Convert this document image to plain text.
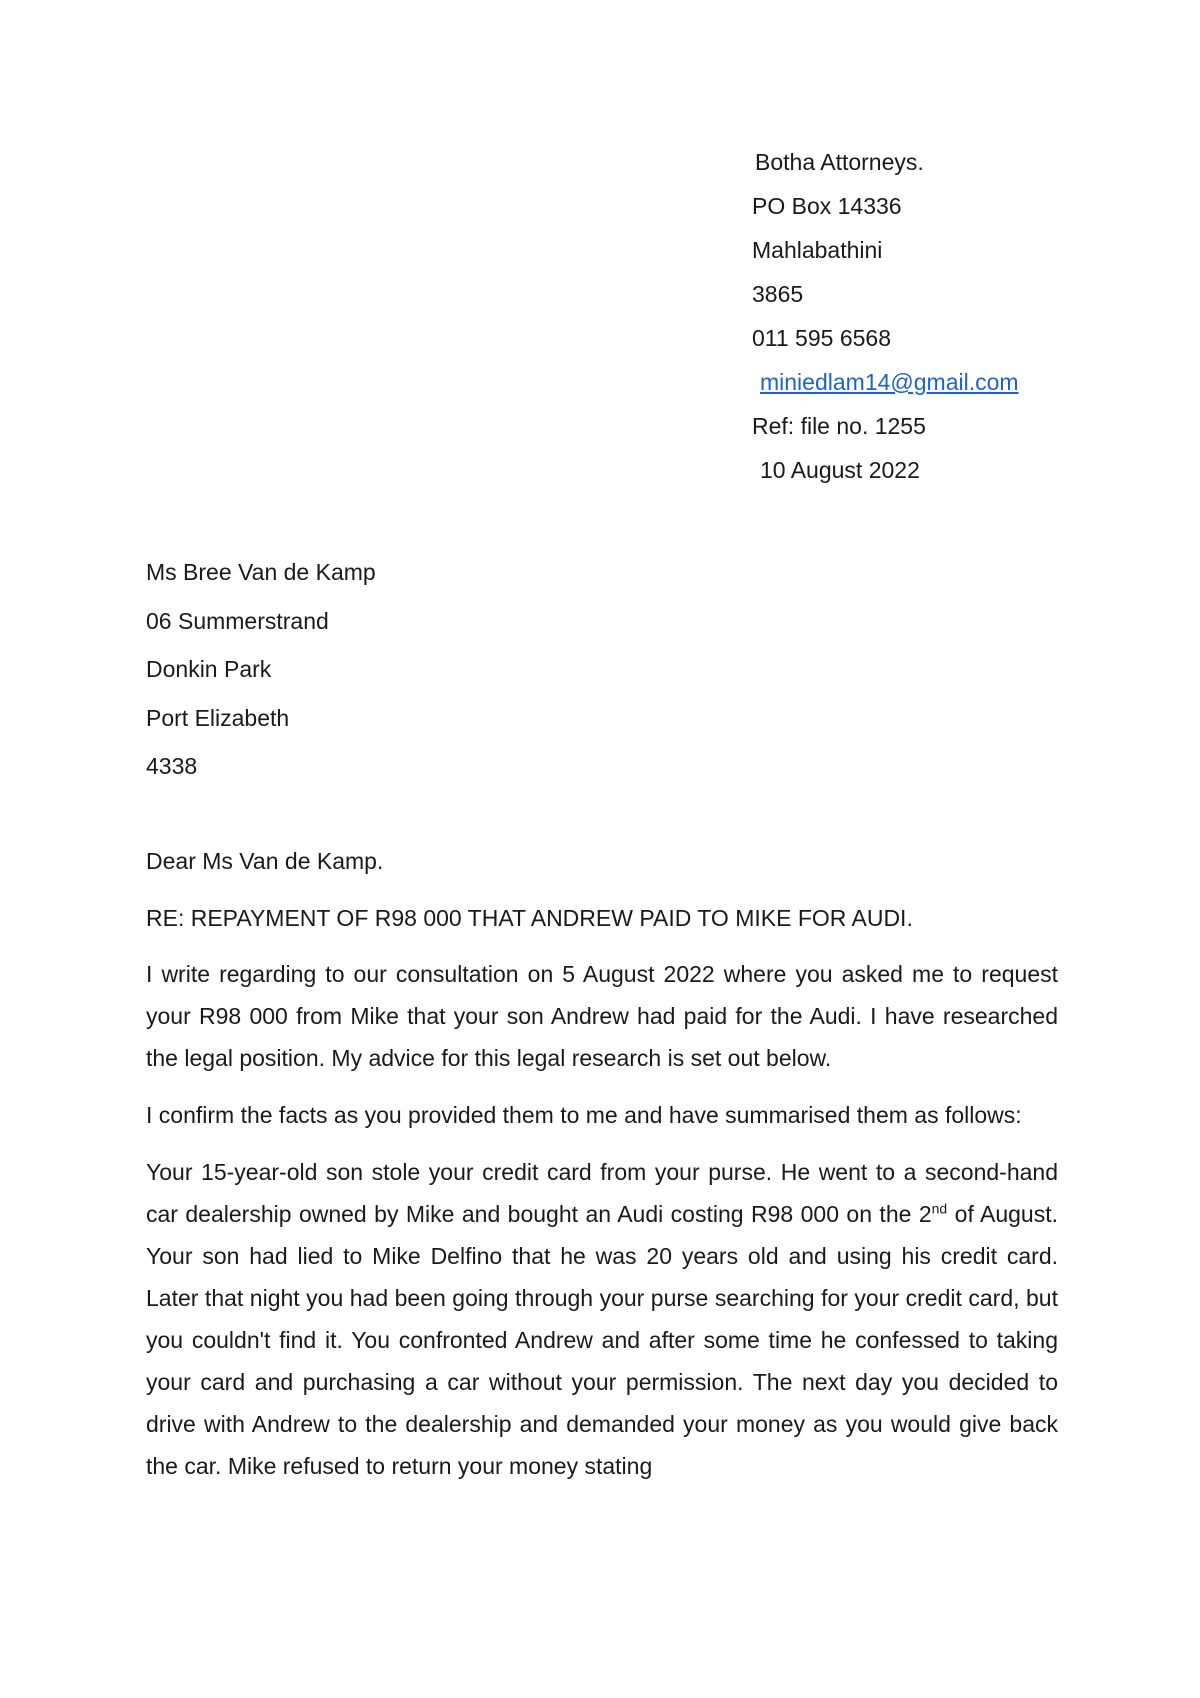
Botha Attorneys.
PO Box 14336
Mahlabathini
3865
011 595 6568
miniedlam14@gmail.com
Ref: file no. 1255
10 August 2022
Ms Bree Van de Kamp
06 Summerstrand
Donkin Park
Port Elizabeth
4338

Dear Ms Van de Kamp.

RE: REPAYMENT OF R98 000 THAT ANDREW PAID TO MIKE FOR AUDI.

I write regarding to our consultation on 5 August 2022 where you asked me to request your R98 000 from Mike that your son Andrew had paid for the Audi. I have researched the legal position. My advice for this legal research is set out below.

I confirm the facts as you provided them to me and have summarised them as follows:

Your 15-year-old son stole your credit card from your purse. He went to a second-hand car dealership owned by Mike and bought an Audi costing R98 000 on the 2nd of August. Your son had lied to Mike Delfino that he was 20 years old and using his credit card. Later that night you had been going through your purse searching for your credit card, but you couldn't find it. You confronted Andrew and after some time he confessed to taking your card and purchasing a car without your permission. The next day you decided to drive with Andrew to the dealership and demanded your money as you would give back the car. Mike refused to return your money stating
